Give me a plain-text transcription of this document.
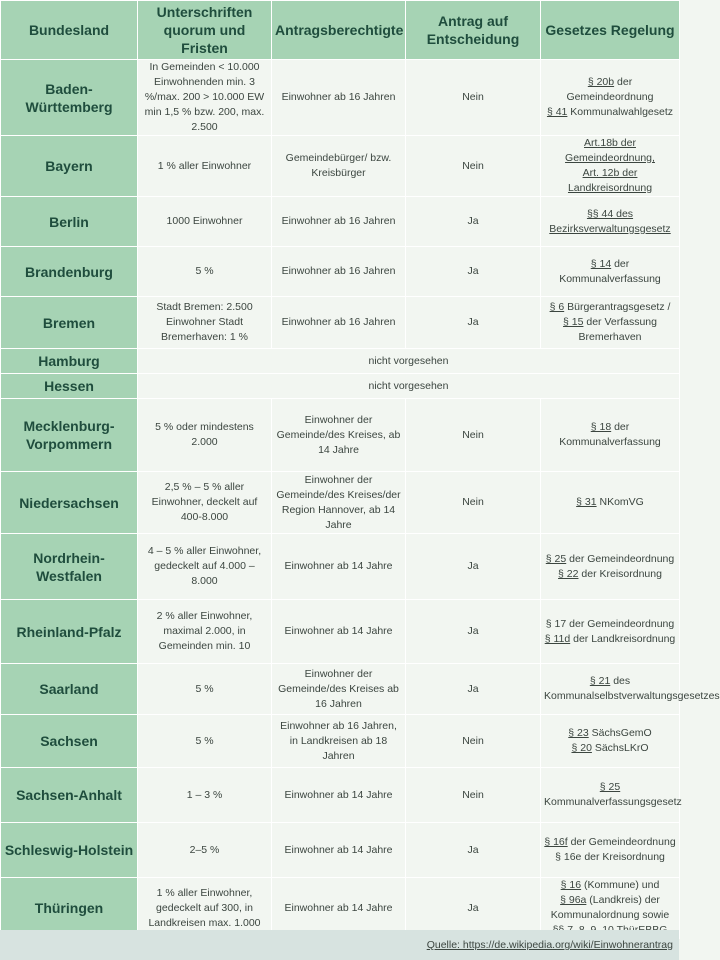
Bundesland	Unterschriften quorum und Fristen	Antragsberechtigte	Antrag auf Entscheidung	Gesetzes Regelung
Baden-Württemberg	In Gemeinden < 10.000 Einwohnenden min. 3 %/max. 200 > 10.000 EW min 1,5 % bzw. 200, max. 2.500	Einwohner ab 16 Jahren	Nein	§ 20b der Gemeindeordnung
§ 41 Kommunalwahlgesetz

Bayern	1 % aller Einwohner	Gemeindebürger/ bzw. Kreisbürger	Nein	Art.18b der Gemeindeordnung,
Art. 12b der Landkreisordnung

Berlin	1000 Einwohner	Einwohner ab 16 Jahren	Ja	§§ 44 des Bezirksverwaltungsgesetz

Brandenburg	5 %	Einwohner ab 16 Jahren	Ja	§ 14 der Kommunalverfassung

Bremen	Stadt Bremen: 2.500 Einwohner Stadt Bremerhaven: 1 %	Einwohner ab 16 Jahren	Ja	§ 6 Bürgerantragsgesetz /
§ 15 der Verfassung Bremerhaven

Hamburg	nicht vorgesehen			
Hessen	nicht vorgesehen			
Mecklenburg-Vorpommern	5 % oder mindestens 2.000	Einwohner der Gemeinde/des Kreises, ab 14 Jahre	Nein	§ 18 der Kommunalverfassung

Niedersachsen	2,5 % – 5 % aller Einwohner, deckelt auf 400-8.000	Einwohner der Gemeinde/des Kreises/der Region Hannover, ab 14 Jahre	Nein	§ 31 NKomVG

Nordrhein-Westfalen	4 – 5 % aller Einwohner, gedeckelt auf 4.000 – 8.000	Einwohner ab 14 Jahre	Ja	§ 25 der Gemeindeordnung
§ 22 der Kreisordnung

Rheinland-Pfalz	2 % aller Einwohner, maximal 2.000, in Gemeinden min. 10	Einwohner ab 14 Jahre	Ja	§ 17 der Gemeindeordnung
§ 11d der Landkreisordnung

Saarland	5 %	Einwohner der Gemeinde/des Kreises ab 16 Jahren	Ja	§ 21 des Kommunalselbstverwaltungsgesetzes

Sachsen	5 %	Einwohner ab 16 Jahren, in Landkreisen ab 18 Jahren	Nein	§ 23 SächsGemO
§ 20 SächsLKrO

Sachsen-Anhalt	1 – 3 %	Einwohner ab 14 Jahre	Nein	§ 25
Kommunalverfassungsgesetz

Schleswig-Holstein	2–5 %	Einwohner ab 14 Jahre	Ja	§ 16f der Gemeindeordnung
§ 16e der Kreisordnung

Thüringen	1 % aller Einwohner, gedeckelt auf 300, in Landkreisen max. 1.000	Einwohner ab 14 Jahre	Ja	§ 16 (Kommune) und
§ 96a (Landkreis) der Kommunalordnung sowie
Quelle: https://de.wikipedia.org/wiki/Einwohnerantrag
